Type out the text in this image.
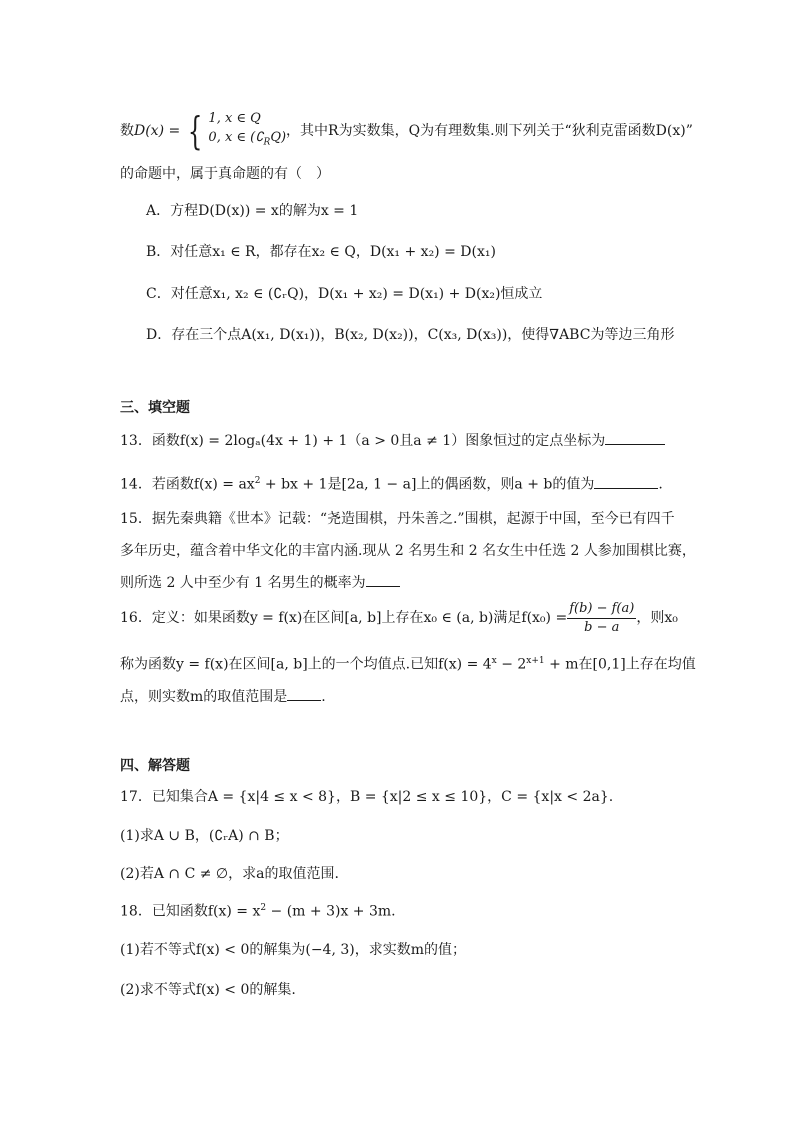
数D(x) = { 1, x ∈ Q
0, x ∈ $(∁_RQ)$ ，其中R为实数集，Q为有理数集.则下列关于“狄利克雷函数D(x)”
的命题中，属于真命题的有（　）
A．方程D(D(x)) = x的解为x = 1
B．对任意x₁ ∈ R，都存在x₂ ∈ Q，D(x₁ + x₂) = D(x₁)
C．对任意x₁, x₂ ∈ (∁ᵣQ)，D(x₁ + x₂) = D(x₁) + D(x₂)恒成立
D．存在三个点A(x₁, D(x₁))，B(x₂, D(x₂))，C(x₃, D(x₃))，使得∇ABC为等边三角形
三、填空题
13．函数f(x) = 2logₐ(4x + 1) + 1（a > 0且a ≠ 1）图象恒过的定点坐标为
14．若函数$f(x) = ax^2$ + bx + 1是[2a, 1 − a]上的偶函数，则a + b的值为	.
15．据先秦典籍《世本》记载：“尧造围棋，丹朱善之.”围棋，起源于中国，至今已有四千
多年历史，蕴含着中华文化的丰富内涵.现从 2 名男生和 2 名女生中任选 2 人参加围棋比赛，
则所选 2 人中至少有 1 名男生的概率为
16．定义：如果函数y = f(x)在区间[a, b]上存在x₀ ∈ (a, b)满足$f(x_0) = \frac{f(b) - f(a)}{b - a}$ ，则x₀
称为函数y = f(x)在区间[a, b]上的一个均值点.已知$f(x) = 4^x - 2^{x+1} + m$在[0,1]上存在均值
点，则实数m的取值范围是 .
四、解答题
17．已知集合A = {x|4 ≤ x < 8}，B = {x|2 ≤ x ≤ 10}，C = {x|x < 2a}.
(1)求A ∪ B，(∁ᵣA) ∩ B；
(2)若A ∩ C ≠ ∅，求a的取值范围.
18．已知函数$f(x) = x^2 - (m + 3)x + 3m$.
(1)若不等式f(x) < 0的解集为(−4, 3)，求实数m的值；
(2)求不等式f(x) < 0的解集.
